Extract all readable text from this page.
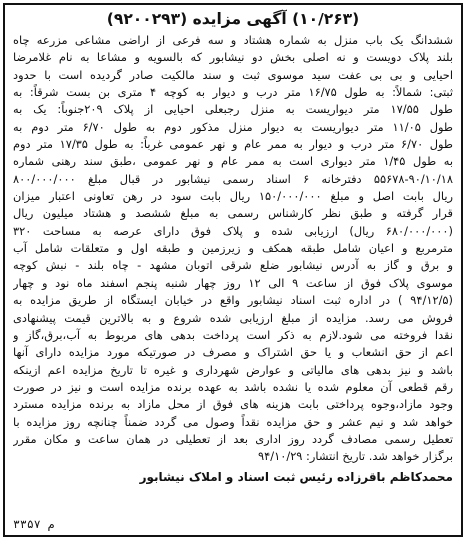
(۱۰/۲۶۳) آگهی مزایده (۹۲۰۰۲۹۳)
ششدانگ یک باب منزل به شماره هشتاد و سه فرعی از اراضی مشاعی مزرعه چاه
بلند پلاک دویست و نه اصلی بخش دو نیشابور که بالسویه و مشاعا به نام غلامرضا
احیایی و بی بی عفت سید موسوی ثبت و سند مالکیت صادر گردیده است با حدود
ثبتی: شمالاً: به طول ۱۶/۷۵ متر درب و دیوار به کوچه ۴ متری بن بست شرقاً: به
طول ۱۷/۵۵ متر دیواریست به منزل رجبعلی احیایی از پلاک ۲۰۹جنوباً: یک به
طول ۱۱/۰۵ متر دیواریست به دیوار منزل مذکور دوم به طول ۶/۷۰ متر دوم به
طول ۶/۷۰ متر درب و دیوار به ممر عام و نهر عمومی غرباً: به طول ۱۷/۳۵ متر دوم
به طول ۱/۴۵ متر دیواری است به ممر عام و نهر عمومی ،طبق سند رهنی شماره
۵۵۶۷۸-۹۰/۱۰/۱۸ دفترخانه ۶ اسناد رسمی نیشابور در قبال مبلغ ۸۰۰/۰۰۰/۰۰۰
ریال بابت اصل و مبلغ ۱۵۰/۰۰۰/۰۰۰ ریال بابت سود در رهن تعاونی اعتبار میزان
قرار گرفته و طبق نظر کارشناس رسمی به مبلغ ششصد و هشتاد میلیون ریال
(۶۸۰/۰۰۰/۰۰۰ ریال) ارزیابی شده و پلاک فوق دارای عرصه به مساحت ۳۲۰
مترمربع و اعیان شامل طبقه همکف و زیرزمین و طبقه اول و متعلقات شامل آب
و برق و گاز به آدرس نیشابور ضلع شرقی اتوبان مشهد - چاه بلند - نبش کوچه
موسوی پلاک فوق از ساعت ۹ الی ۱۲ روز چهار شنبه پنجم اسفند ماه نود و چهار
(۹۴/۱۲/۵ ) در اداره ثبت اسناد نیشابور واقع در خیابان ایستگاه از طریق مزایده به
فروش می رسد. مزایده از مبلغ ارزیابی شده شروع و به بالاترین قیمت پیشنهادی
نقدا فروخته می شود.لازم به ذکر است پرداخت بدهی های مربوط به آب،برق،گاز و
اعم از حق انشعاب و یا حق اشتراک و مصرف در صورتیکه مورد مزایده دارای آنها
باشد و نیز بدهی های مالیاتی و عوارض شهرداری و غیره تا تاریخ مزایده اعم ازینکه
رقم قطعی آن معلوم شده یا نشده باشد به عهده برنده مزایده است و نیز در صورت
وجود مازاد،وجوه پرداختی بابت هزینه های فوق از محل مازاد به برنده مزایده مسترد
خواهد شد و نیم عشر و حق مزایده نقداً وصول می گردد ضمناً چنانچه روز مزایده با
تعطیل رسمی مصادف گردد روز اداری بعد از تعطیلی در همان ساعت و مکان مقرر
برگزار خواهد شد. تاریخ انتشار: ۹۴/۱۰/۲۹
محمدکاظم باقرزاده رئیس ثبت اسناد و املاک نیشابور
۳۳۵۷ م
